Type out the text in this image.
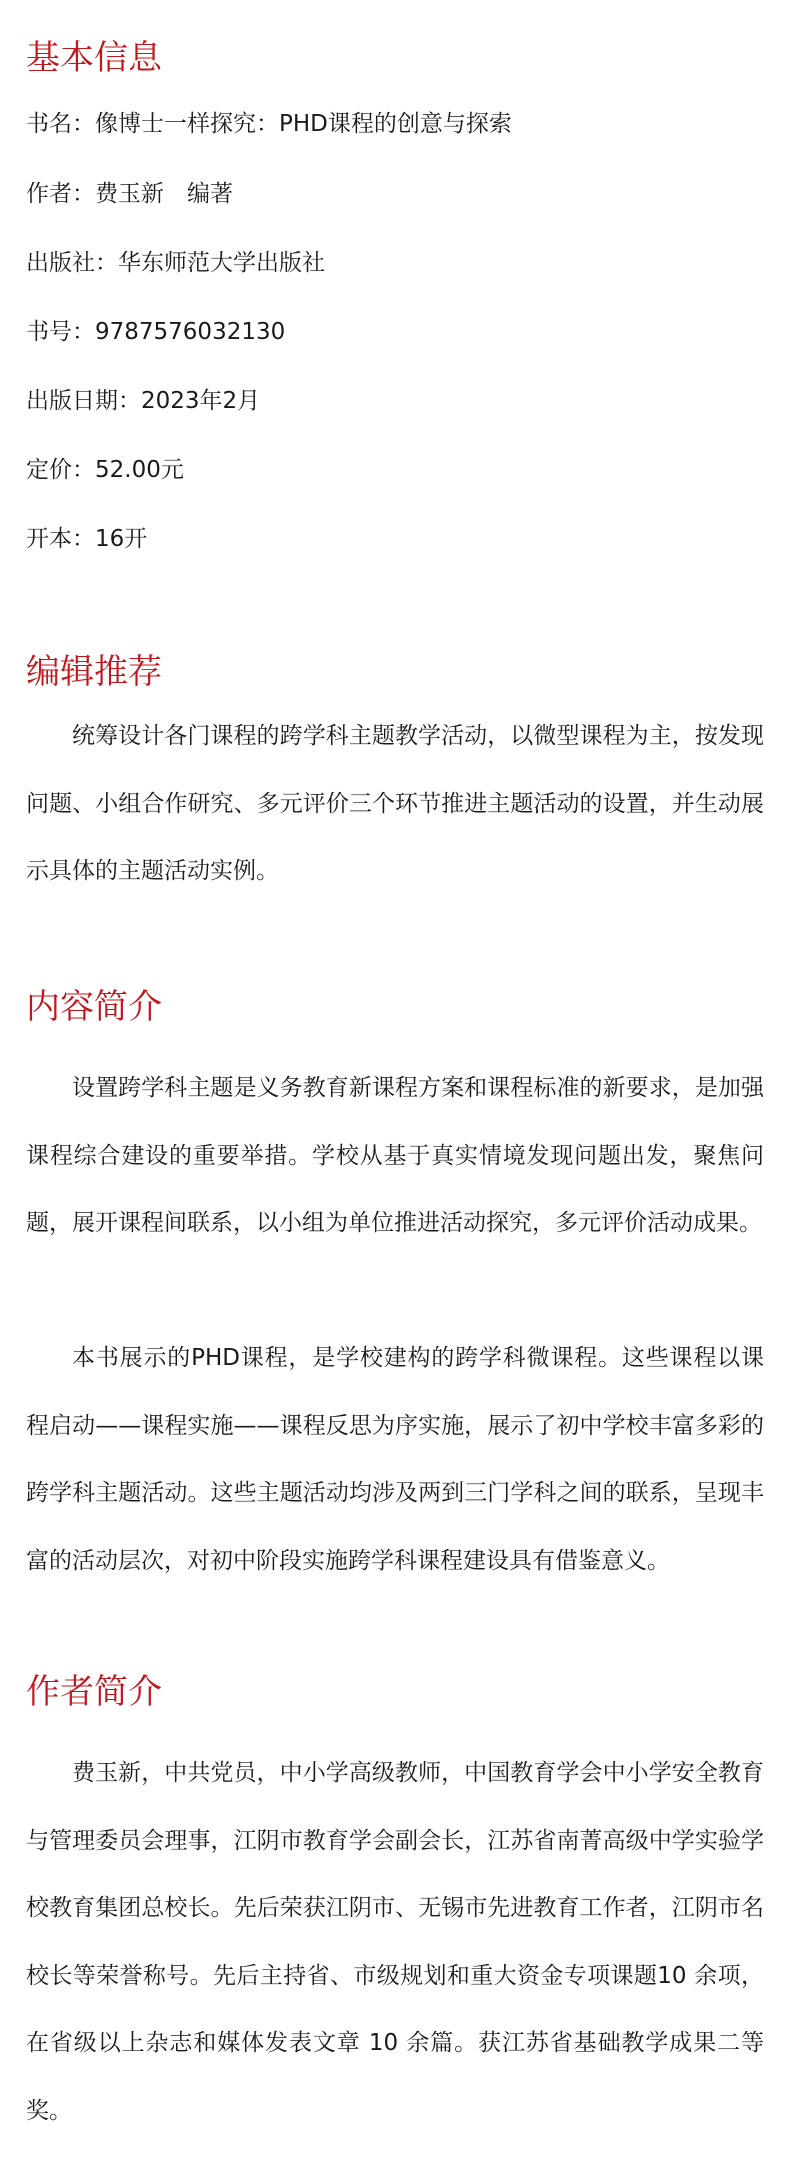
基本信息

书名：像博士一样探究：PHD课程的创意与探索

作者：费玉新　编著

出版社：华东师范大学出版社

书号：9787576032130

出版日期：2023年2月

定价：52.00元

开本：16开

编辑推荐

统筹设计各门课程的跨学科主题教学活动，以微型课程为主，按发现问题、小组合作研究、多元评价三个环节推进主题活动的设置，并生动展示具体的主题活动实例。

内容简介

设置跨学科主题是义务教育新课程方案和课程标准的新要求，是加强课程综合建设的重要举措。学校从基于真实情境发现问题出发，聚焦问题，展开课程间联系，以小组为单位推进活动探究，多元评价活动成果。

本书展示的PHD课程，是学校建构的跨学科微课程。这些课程以课程启动——课程实施——课程反思为序实施，展示了初中学校丰富多彩的跨学科主题活动。这些主题活动均涉及两到三门学科之间的联系，呈现丰富的活动层次，对初中阶段实施跨学科课程建设具有借鉴意义。

作者简介

费玉新，中共党员，中小学高级教师，中国教育学会中小学安全教育与管理委员会理事，江阴市教育学会副会长，江苏省南菁高级中学实验学校教育集团总校长。先后荣获江阴市、无锡市先进教育工作者，江阴市名校长等荣誉称号。先后主持省、市级规划和重大资金专项课题10 余项，在省级以上杂志和媒体发表文章 10 余篇。获江苏省基础教学成果二等奖。
